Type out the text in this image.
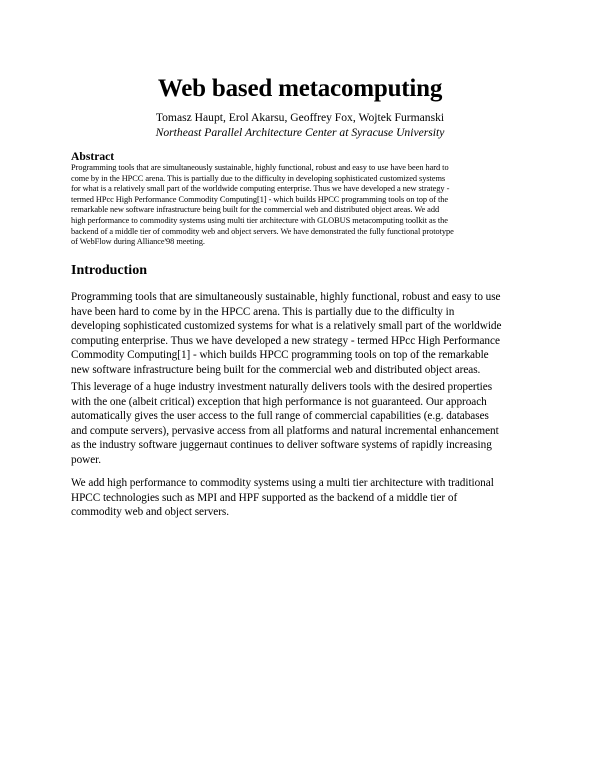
Web based metacomputing
Tomasz Haupt, Erol Akarsu, Geoffrey Fox, Wojtek Furmanski
Northeast Parallel Architecture Center at Syracuse University
Abstract
Programming tools that are simultaneously sustainable, highly functional, robust and easy to use have been hard to
come by in the HPCC arena. This is partially due to the difficulty in developing sophisticated customized systems
for what is a relatively small part of the worldwide computing enterprise. Thus we have developed a new strategy -
termed HPcc High Performance Commodity Computing[1] - which builds HPCC programming tools on top of the
remarkable new software infrastructure being built for the commercial web and distributed object areas. We add
high performance to commodity systems using multi tier architecture with GLOBUS metacomputing toolkit as the
backend of a middle tier of commodity web and object servers. We have demonstrated the fully functional prototype
of WebFlow during Alliance'98 meeting.
Introduction
Programming tools that are simultaneously sustainable, highly functional, robust and easy to use
have been hard to come by in the HPCC arena. This is partially due to the difficulty in
developing sophisticated customized systems for what is a relatively small part of the worldwide
computing enterprise. Thus we have developed a new strategy - termed HPcc High Performance
Commodity Computing[1] - which builds HPCC programming tools on top of the remarkable
new software infrastructure being built for the commercial web and distributed object areas.
This leverage of a huge industry investment naturally delivers tools with the desired properties
with the one (albeit critical) exception that high performance is not guaranteed. Our approach
automatically gives the user access to the full range of commercial capabilities (e.g. databases
and compute servers), pervasive access from all platforms and natural incremental enhancement
as the industry software juggernaut continues to deliver software systems of rapidly increasing
power.
We add high performance to commodity systems using a multi tier architecture with traditional
HPCC technologies such as MPI and HPF supported as the backend of a middle tier of
commodity web and object servers.
